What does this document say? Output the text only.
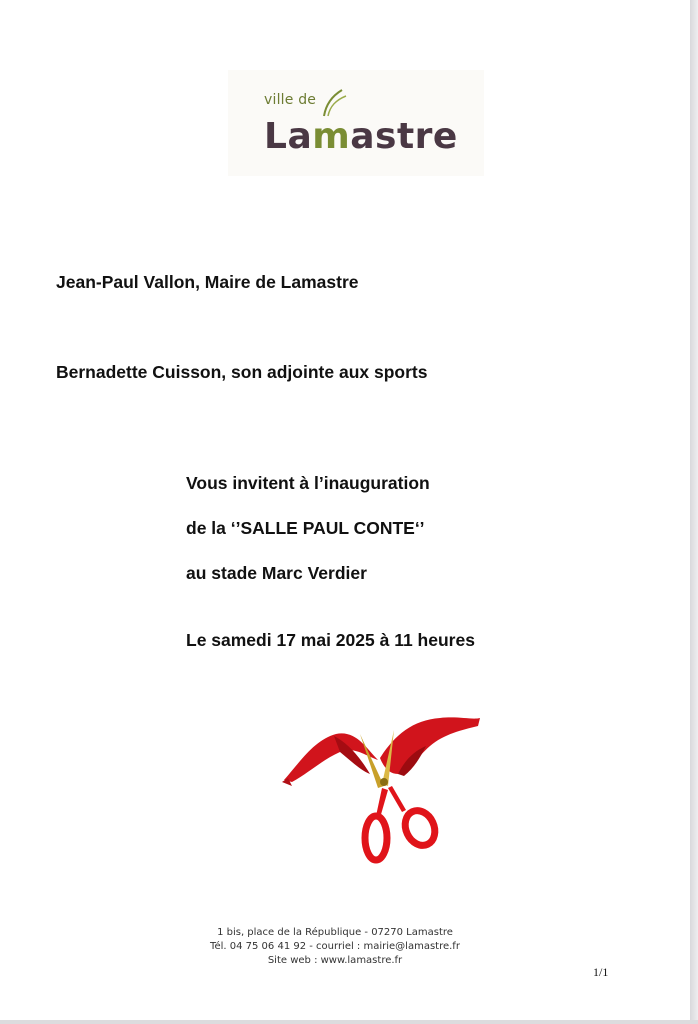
ville de
Lamastre

Jean-Paul Vallon, Maire de Lamastre

Bernadette Cuisson, son adjointe aux sports

Vous invitent à l’inauguration

de la ‘’SALLE PAUL CONTE‘’

au stade Marc Verdier

Le samedi 17 mai 2025 à 11 heures

1 bis, place de la République - 07270 Lamastre

Tél. 04 75 06 41 92 - courriel : mairie@lamastre.fr

Site web : www.lamastre.fr

1/1
